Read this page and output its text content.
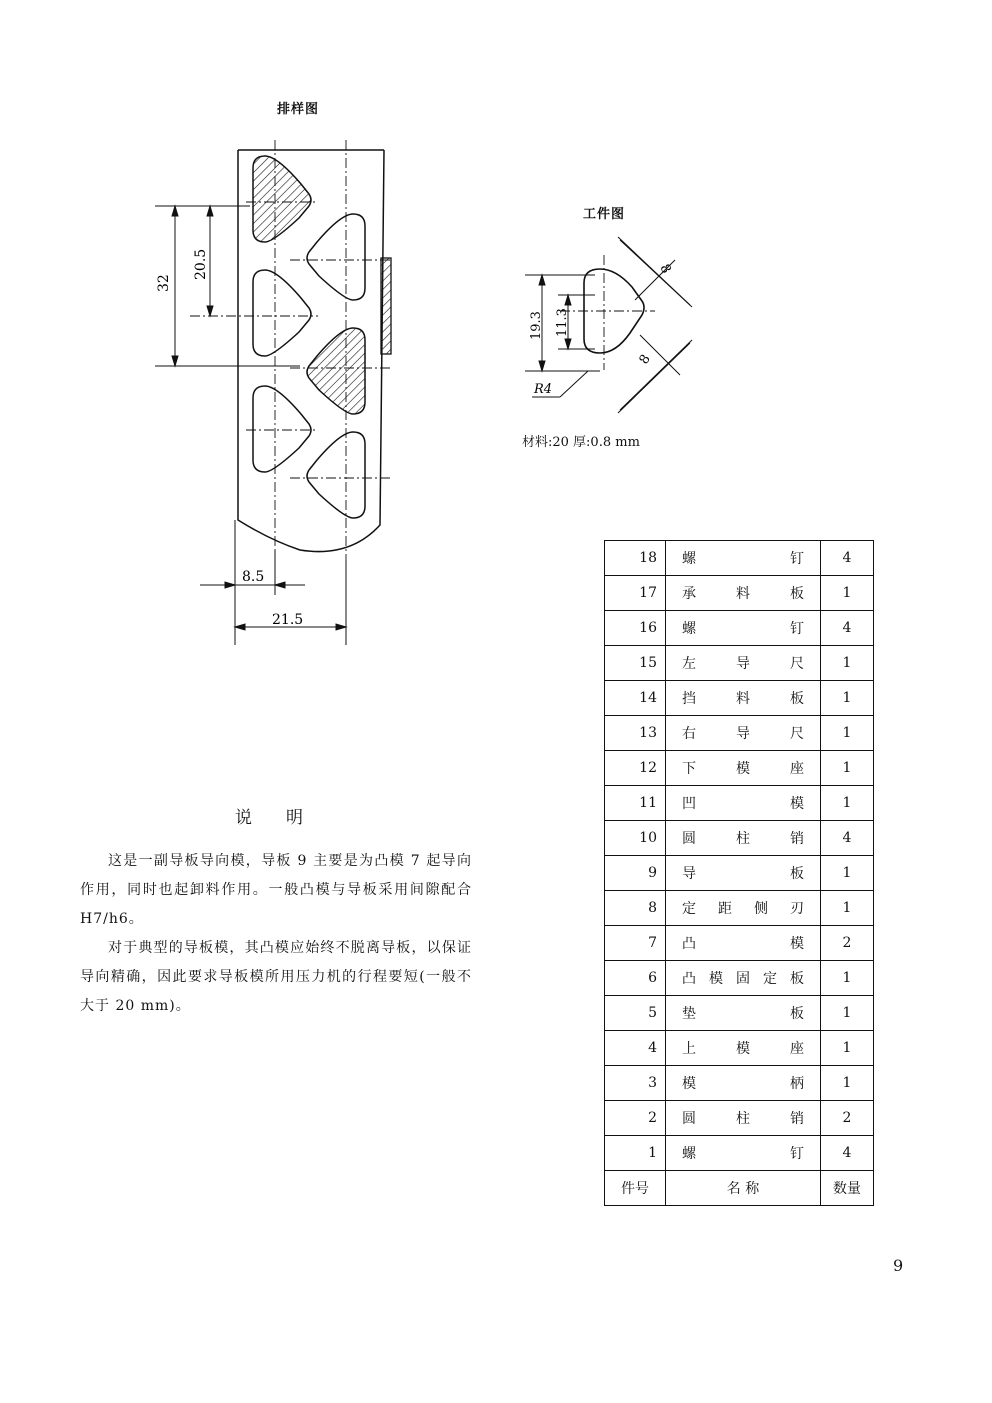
排样图
32
20.5
8.5
21.5
工件图
19.3 11.3
R4
8
8
材料:20 厚:0.8 mm
说明

这是一副导板导向模，导板 9 主要是为凸模 7 起导向作用，同时也起卸料作用。一般凸模与导板采用间隙配合 H7/h6。

对于典型的导板模，其凸模应始终不脱离导板，以保证导向精确，因此要求导板模所用压力机的行程要短(一般不大于 20 mm)。

18	螺钉	4
17	承料板	1
16	螺钉	4
15	左导尺	1
14	挡料板	1
13	右导尺	1
12	下模座	1
11	凹模	1
10	圆柱销	4
9	导板	1
8	定距侧刃	1
7	凸模	2
6	凸模固定板	1
5	垫板	1
4	上模座	1
3	模柄	1
2	圆柱销	2
1	螺钉	4
件号	名 称	数量
9
